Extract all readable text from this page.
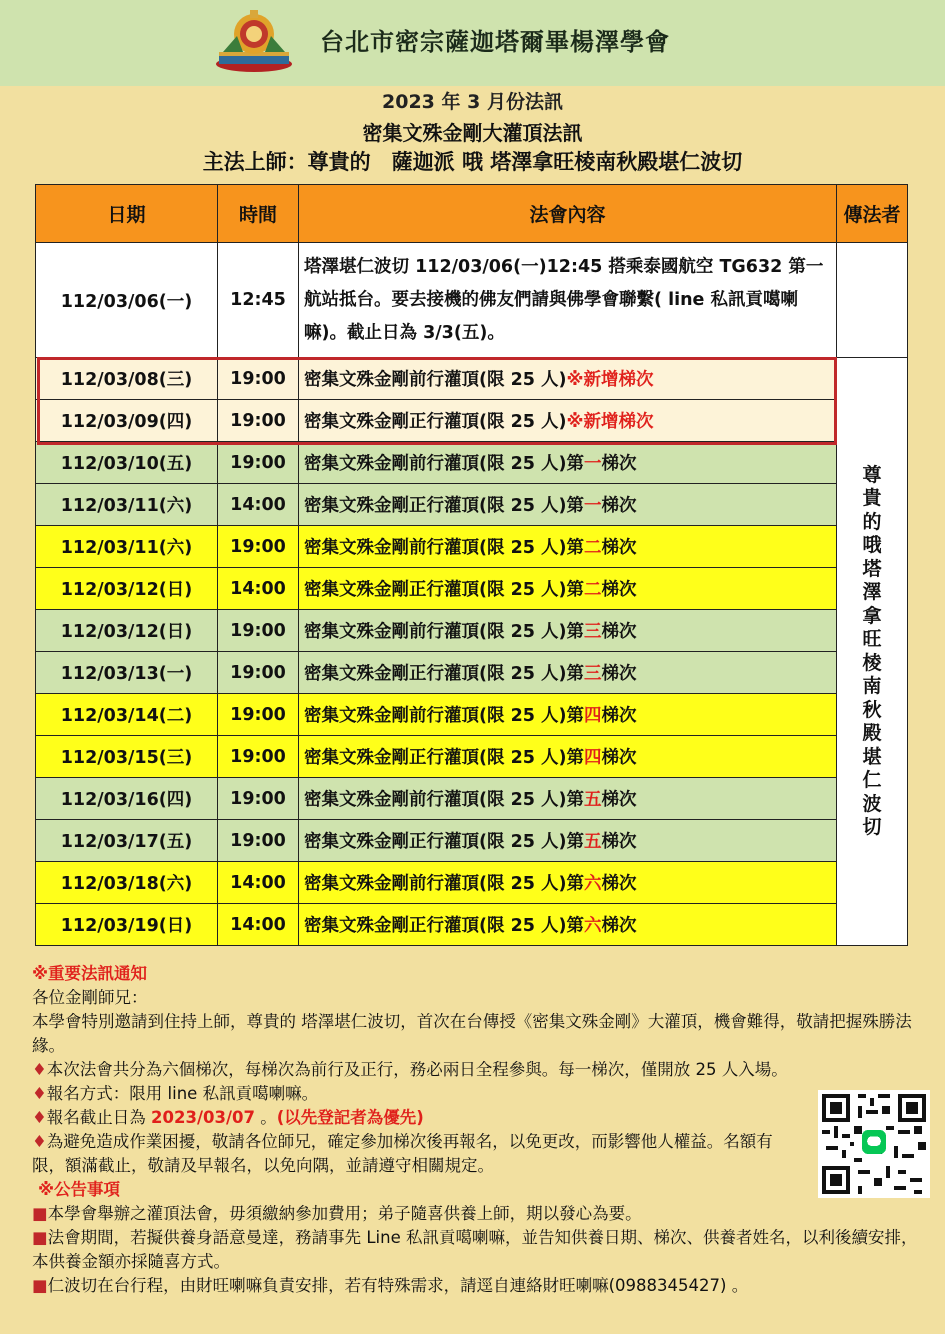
台北市密宗薩迦塔爾畢楊澤學會
2023 年 3 月份法訊
密集文殊金剛大灌頂法訊
主法上師：尊貴的　薩迦派 哦 塔澤拿旺棱南秋殿堪仁波切
日期	時間	法會內容	傳法者
112/03/06(一)	12:45	塔澤堪仁波切 112/03/06(一)12:45 搭乘泰國航空 TG632 第一航站抵台。要去接機的佛友們請與佛學會聯繫( line 私訊貢噶喇嘛)。截止日為 3/3(五)。	
112/03/08(三)	19:00	密集文殊金剛前行灌頂(限 25 人)※新增梯次	尊貴的哦塔澤拿旺棱南秋殿堪仁波切

112/03/09(四)	19:00	密集文殊金剛正行灌頂(限 25 人)※新增梯次	
112/03/10(五)	19:00	密集文殊金剛前行灌頂(限 25 人)第一梯次	
112/03/11(六)	14:00	密集文殊金剛正行灌頂(限 25 人)第一梯次	
112/03/11(六)	19:00	密集文殊金剛前行灌頂(限 25 人)第二梯次	
112/03/12(日)	14:00	密集文殊金剛正行灌頂(限 25 人)第二梯次	
112/03/12(日)	19:00	密集文殊金剛前行灌頂(限 25 人)第三梯次	
112/03/13(一)	19:00	密集文殊金剛正行灌頂(限 25 人)第三梯次	
112/03/14(二)	19:00	密集文殊金剛前行灌頂(限 25 人)第四梯次	
112/03/15(三)	19:00	密集文殊金剛正行灌頂(限 25 人)第四梯次	
112/03/16(四)	19:00	密集文殊金剛前行灌頂(限 25 人)第五梯次	
112/03/17(五)	19:00	密集文殊金剛正行灌頂(限 25 人)第五梯次	
112/03/18(六)	14:00	密集文殊金剛前行灌頂(限 25 人)第六梯次	
112/03/19(日)	14:00	密集文殊金剛正行灌頂(限 25 人)第六梯次	

※重要法訊通知

各位金剛師兄：

本學會特別邀請到住持上師，尊貴的 塔澤堪仁波切，首次在台傳授《密集文殊金剛》大灌頂，機會難得，敬請把握殊勝法緣。

♦本次法會共分為六個梯次，每梯次為前行及正行，務必兩日全程參與。每一梯次，僅開放 25 人入場。

♦報名方式：限用 line 私訊貢噶喇嘛。

♦報名截止日為 2023/03/07 。(以先登記者為優先)

♦為避免造成作業困擾，敬請各位師兄，確定參加梯次後再報名，以免更改，而影響他人權益。名額有限，額滿截止，敬請及早報名，以免向隅，並請遵守相關規定。

※公告事項

■本學會舉辦之灌頂法會，毋須繳納參加費用；弟子隨喜供養上師，期以發心為要。

■法會期間，若擬供養身語意曼達，務請事先 Line 私訊貢噶喇嘛，並告知供養日期、梯次、供養者姓名，以利後續安排，本供養金額亦採隨喜方式。

■仁波切在台行程，由財旺喇嘛負責安排，若有特殊需求，請逕自連絡財旺喇嘛(0988345427) 。
